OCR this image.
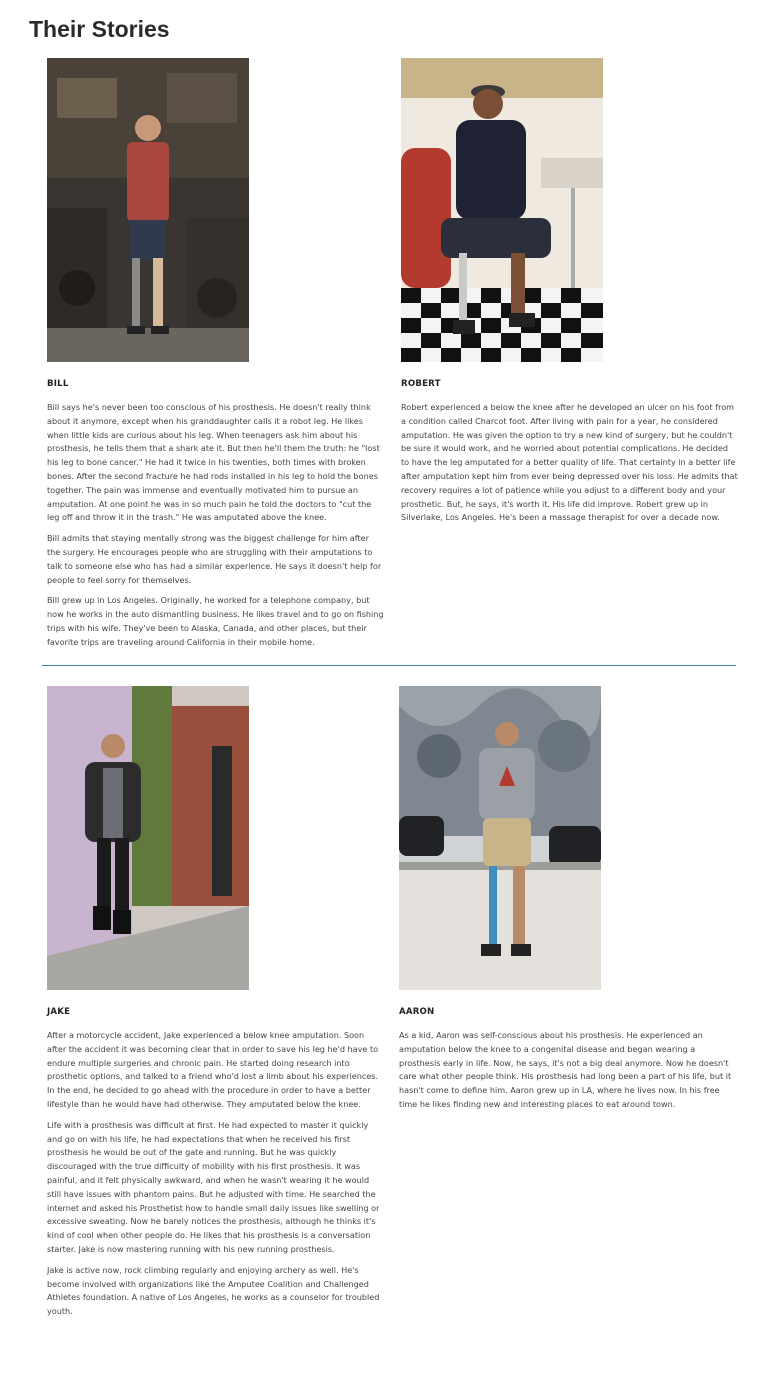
Their Stories
BILL

Bill says he's never been too conscious of his prosthesis. He doesn't really think about it anymore, except when his granddaughter calls it a robot leg. He likes when little kids are curious about his leg. When teenagers ask him about his prosthesis, he tells them that a shark ate it. But then he'll them the truth: he "lost his leg to bone cancer." He had it twice in his twenties, both times with broken bones. After the second fracture he had rods installed in his leg to hold the bones together. The pain was immense and eventually motivated him to pursue an amputation. At one point he was in so much pain he told the doctors to "cut the leg off and throw it in the trash." He was amputated above the knee.

Bill admits that staying mentally strong was the biggest challenge for him after the surgery. He encourages people who are struggling with their amputations to talk to someone else who has had a similar experience. He says it doesn't help for people to feel sorry for themselves.

Bill grew up in Los Angeles. Originally, he worked for a telephone company, but now he works in the auto dismantling business. He likes travel and to go on fishing trips with his wife. They've been to Alaska, Canada, and other places, but their favorite trips are traveling around California in their mobile home.

ROBERT

Robert experienced a below the knee after he developed an ulcer on his foot from a condition called Charcot foot. After living with pain for a year, he considered amputation. He was given the option to try a new kind of surgery, but he couldn't be sure it would work, and he worried about potential complications. He decided to have the leg amputated for a better quality of life. That certainty in a better life after amputation kept him from ever being depressed over his loss. He admits that recovery requires a lot of patience while you adjust to a different body and your prosthetic. But, he says, it's worth it. His life did improve. Robert grew up in Silverlake, Los Angeles. He's been a massage therapist for over a decade now.

JAKE

After a motorcycle accident, Jake experienced a below knee amputation. Soon after the accident it was becoming clear that in order to save his leg he'd have to endure multiple surgeries and chronic pain. He started doing research into prosthetic options, and talked to a friend who'd lost a limb about his experiences. In the end, he decided to go ahead with the procedure in order to have a better lifestyle than he would have had otherwise. They amputated below the knee.

Life with a prosthesis was difficult at first. He had expected to master it quickly and go on with his life, he had expectations that when he received his first prosthesis he would be out of the gate and running. But he was quickly discouraged with the true difficulty of mobility with his first prosthesis. It was painful, and it felt physically awkward, and when he wasn't wearing it he would still have issues with phantom pains. But he adjusted with time. He searched the internet and asked his Prosthetist how to handle small daily issues like swelling or excessive sweating. Now he barely notices the prosthesis, although he thinks it's kind of cool when other people do. He likes that his prosthesis is a conversation starter. Jake is now mastering running with his new running prosthesis.

Jake is active now, rock climbing regularly and enjoying archery as well. He's become involved with organizations like the Amputee Coalition and Challenged Athletes foundation. A native of Los Angeles, he works as a counselor for troubled youth.

AARON

As a kid, Aaron was self-conscious about his prosthesis. He experienced an amputation below the knee to a congenital disease and began wearing a prosthesis early in life. Now, he says, it's not a big deal anymore. Now he doesn't care what other people think. His prosthesis had long been a part of his life, but it hasn't come to define him. Aaron grew up in LA, where he lives now. In his free time he likes finding new and interesting places to eat around town.
